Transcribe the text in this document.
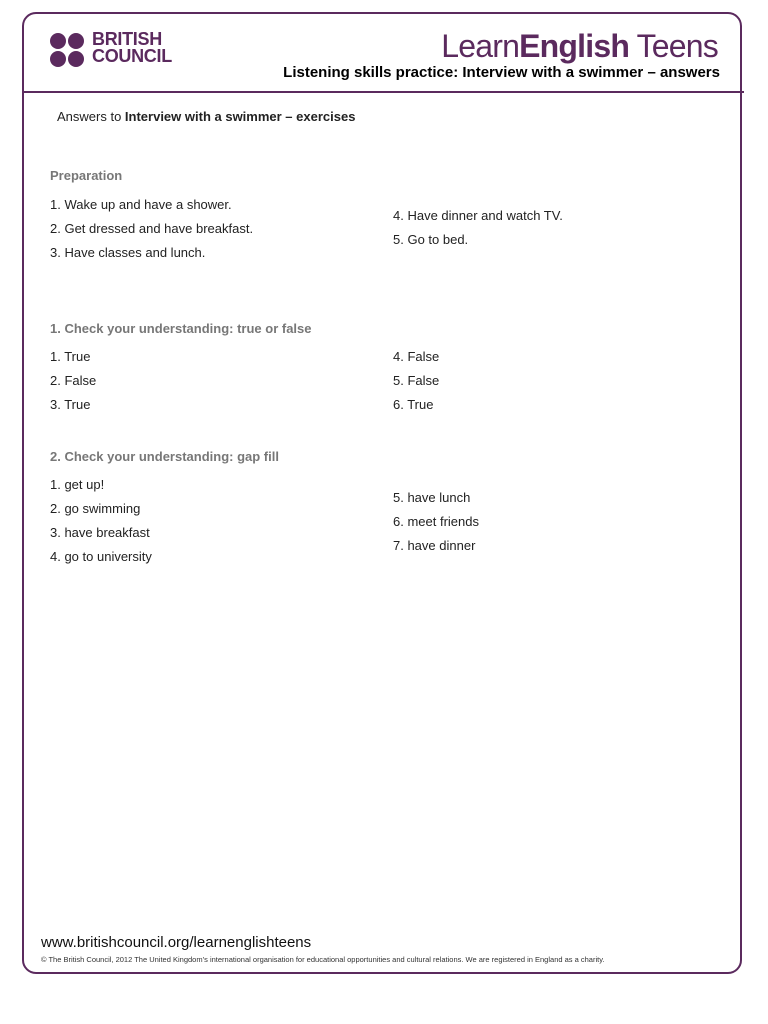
BRITISH
COUNCIL	LearnEnglish Teens
Listening skills practice: Interview with a swimmer – answers
Answers to Interview with a swimmer – exercises
Preparation
1. Wake up and have a shower.
2. Get dressed and have breakfast.
3. Have classes and lunch.
4. Have dinner and watch TV.
5. Go to bed.
1. Check your understanding: true or false
1. True
2. False
3. True
4. False
5. False
6. True
2. Check your understanding: gap fill
1. get up!
2. go swimming
3. have breakfast
4. go to university
5. have lunch
6. meet friends
7. have dinner
www.britishcouncil.org/learnenglishteens
© The British Council, 2012 The United Kingdom’s international organisation for educational opportunities and cultural relations. We are registered in England as a charity.
